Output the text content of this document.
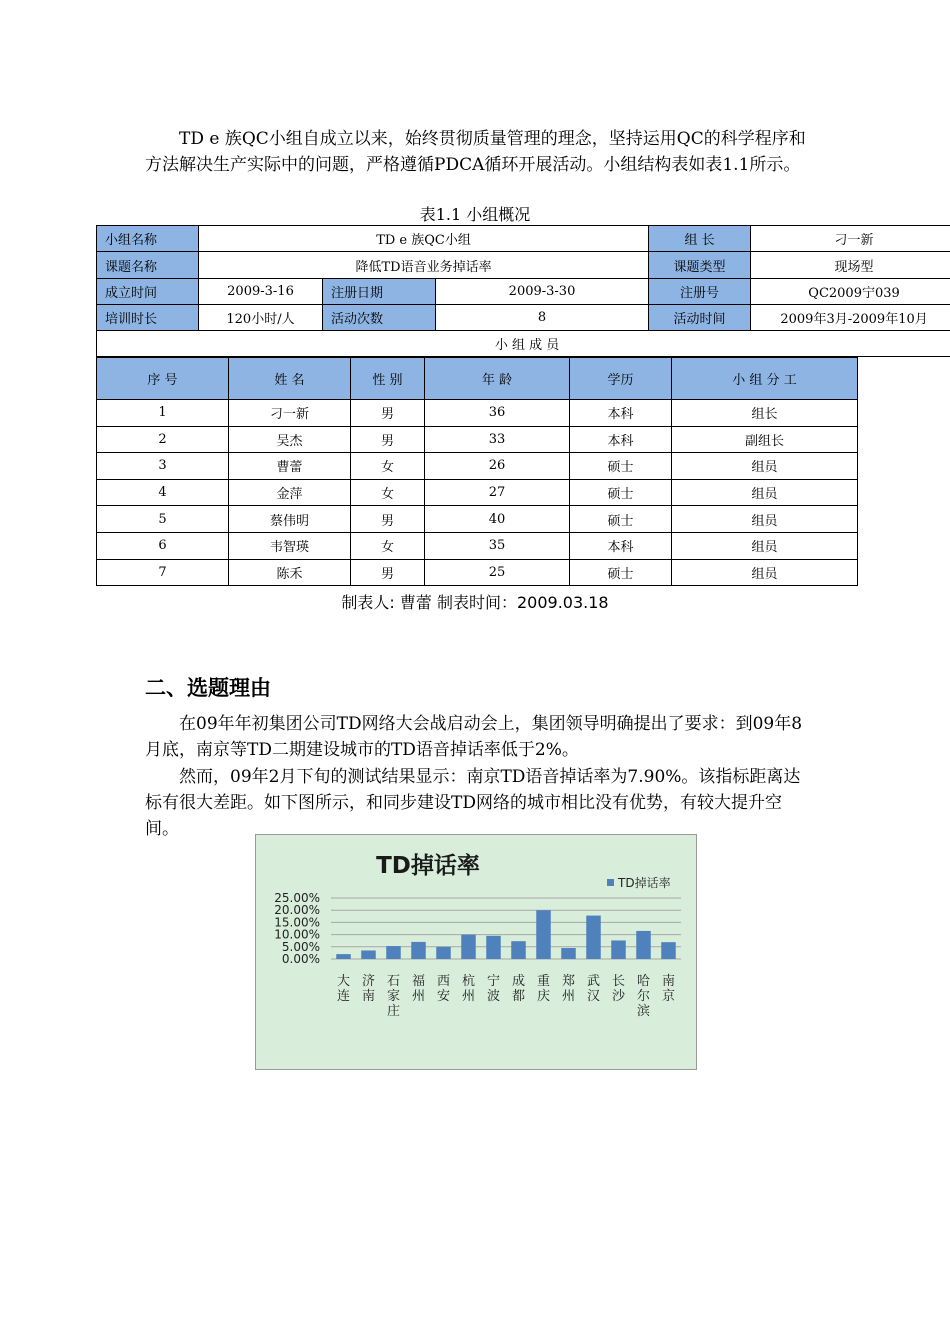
TD e 族QC小组自成立以来，始终贯彻质量管理的理念，坚持运用QC的科学程序和方法解决生产实际中的问题，严格遵循PDCA循环开展活动。小组结构表如表1.1所示。

表1.1 小组概况
小组名称	TD e 族QC小组			组 长	刁一新
课题名称	降低TD语音业务掉话率			课题类型	现场型
成立时间	2009-3-16	注册日期	2009-3-30	注册号	QC2009宁039
培训时长	120小时/人	活动次数	8	活动时间	2009年3月-2009年10月
小 组 成 员					
序 号	姓 名	性 别	年 龄	学历	小 组 分 工
1	刁一新	男	36	本科	组长
2	吴杰	男	33	本科	副组长
3	曹蕾	女	26	硕士	组员
4	金萍	女	27	硕士	组员
5	蔡伟明	男	40	硕士	组员
6	韦智瑛	女	35	本科	组员
7	陈禾	男	25	硕士	组员
制表人: 曹蕾 制表时间：2009.03.18
二、选题理由

在09年年初集团公司TD网络大会战启动会上，集团领导明确提出了要求：到09年8月底，南京等TD二期建设城市的TD语音掉话率低于2%。

然而，09年2月下旬的测试结果显示：南京TD语音掉话率为7.90%。该指标距离达标有很大差距。如下图所示，和同步建设TD网络的城市相比没有优势，有较大提升空间。

TD掉话率
TD掉话率
25.00%
20.00%
15.00%
10.00%
5.00%
0.00%
大连
济南
石家庄
福州
西安
杭州
宁波
成都
重庆
郑州
武汉
长沙
哈尔滨
南京
